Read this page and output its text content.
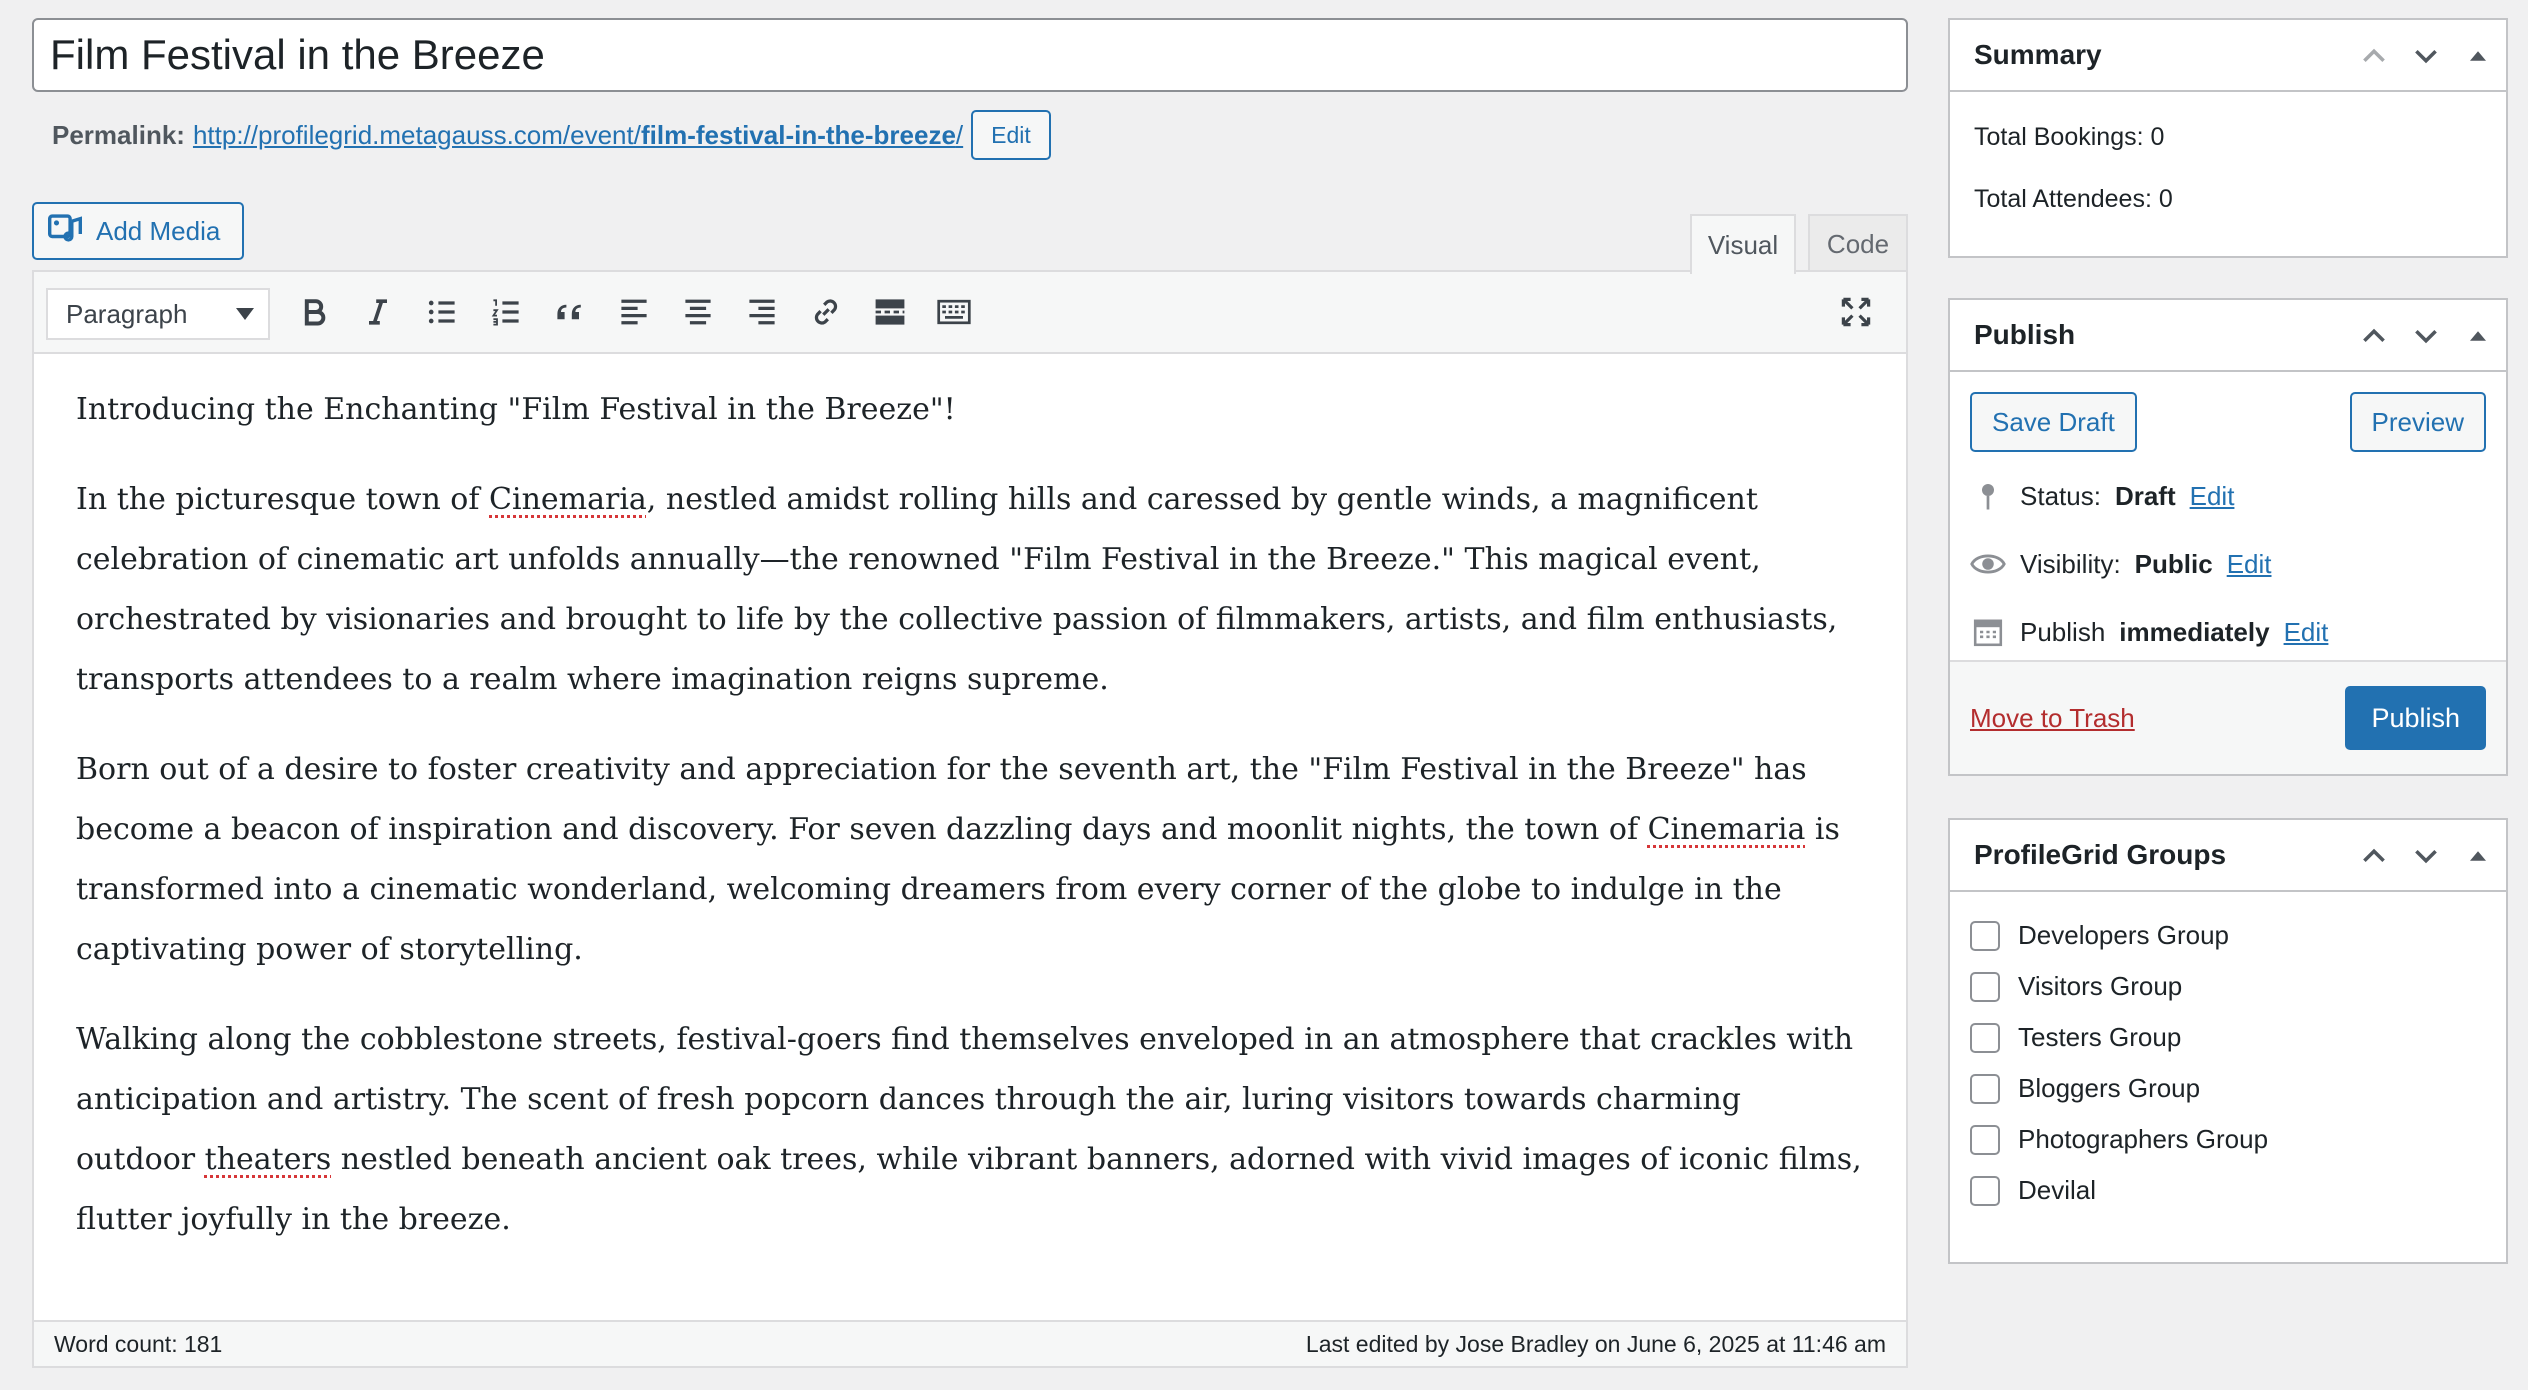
Film Festival in the Breeze
Permalink: http://profilegrid.metagauss.com/event/film-festival-in-the-breeze/	Edit
Add Media	Visual	Code
Paragraph

Introducing the Enchanting "Film Festival in the Breeze"!

In the picturesque town of Cinemaria, nestled amidst rolling hills and caressed by gentle winds, a magnificent celebration of cinematic art unfolds annually—the renowned "Film Festival in the Breeze." This magical event, orchestrated by visionaries and brought to life by the collective passion of filmmakers, artists, and film enthusiasts, transports attendees to a realm where imagination reigns supreme.

Born out of a desire to foster creativity and appreciation for the seventh art, the "Film Festival in the Breeze" has become a beacon of inspiration and discovery. For seven dazzling days and moonlit nights, the town of Cinemaria is transformed into a cinematic wonderland, welcoming dreamers from every corner of the globe to indulge in the captivating power of storytelling.

Walking along the cobblestone streets, festival-goers find themselves enveloped in an atmosphere that crackles with anticipation and artistry. The scent of fresh popcorn dances through the air, luring visitors towards charming outdoor theaters nestled beneath ancient oak trees, while vibrant banners, adorned with vivid images of iconic films, flutter joyfully in the breeze.

Word count: 181	Last edited by Jose Bradley on June 6, 2025 at 11:46 am
Summary
Total Bookings: 0
Total Attendees: 0
Publish
Save Draft	Preview
Status: Draft Edit
Visibility: Public Edit
Publish immediately Edit
Move to Trash	Publish
ProfileGrid Groups
Developers Group
Visitors Group
Testers Group
Bloggers Group
Photographers Group
Devilal
